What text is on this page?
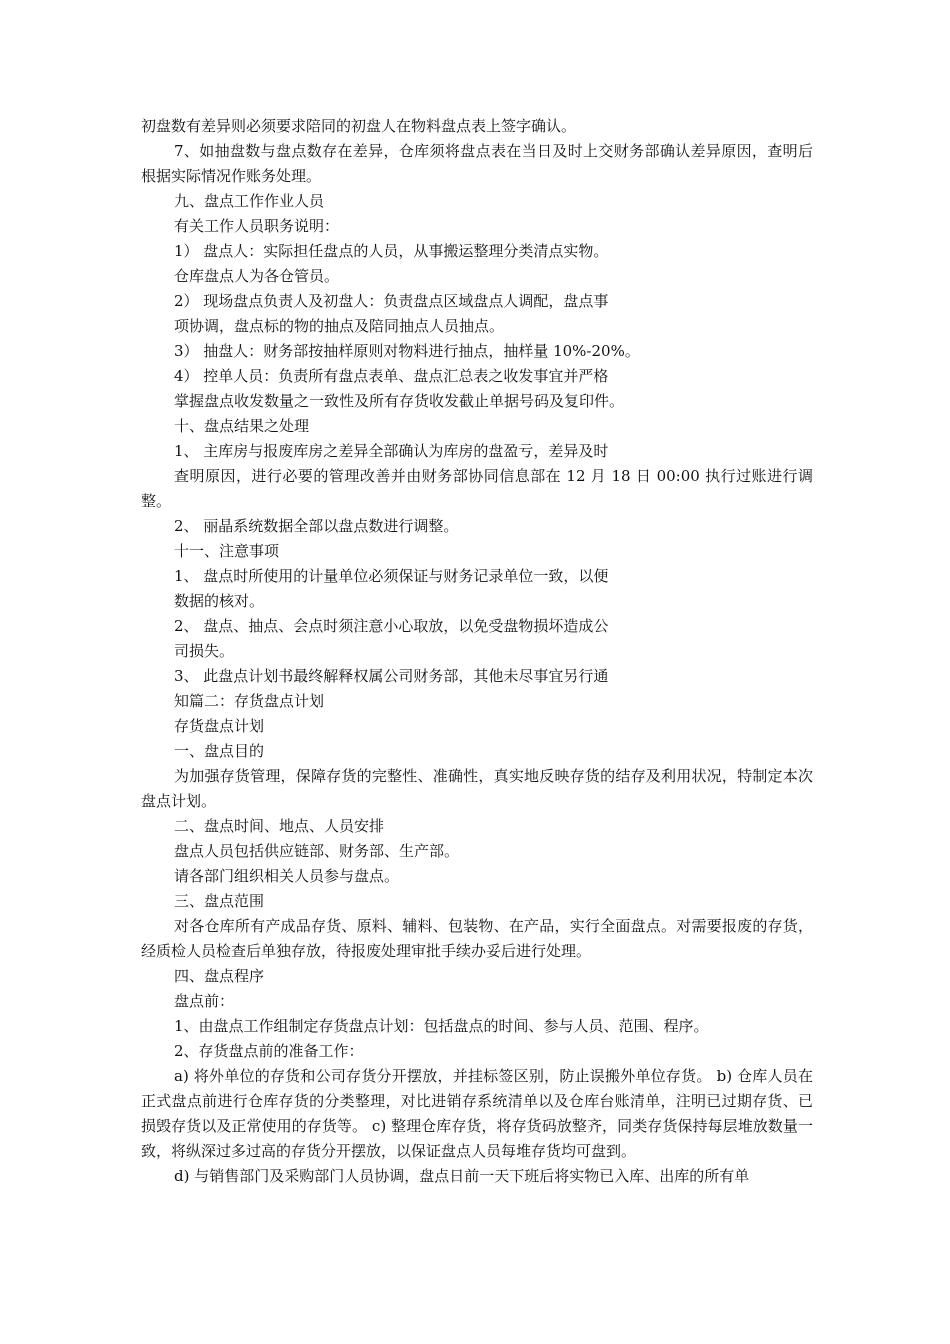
初盘数有差异则必须要求陪同的初盘人在物料盘点表上签字确认。

7、如抽盘数与盘点数存在差异，仓库须将盘点表在当日及时上交财务部确认差异原因，查明后根据实际情况作账务处理。

九、盘点工作作业人员

有关工作人员职务说明：

1） 盘点人：实际担任盘点的人员，从事搬运整理分类清点实物。

仓库盘点人为各仓管员。

2） 现场盘点负责人及初盘人：负责盘点区域盘点人调配，盘点事

项协调，盘点标的物的抽点及陪同抽点人员抽点。

3） 抽盘人：财务部按抽样原则对物料进行抽点，抽样量 10%-20%。

4） 控单人员：负责所有盘点表单、盘点汇总表之收发事宜并严格

掌握盘点收发数量之一致性及所有存货收发截止单据号码及复印件。

十、盘点结果之处理

1、 主库房与报废库房之差异全部确认为库房的盘盈亏，差异及时

查明原因，进行必要的管理改善并由财务部协同信息部在 12 月 18 日 00:00 执行过账进行调整。

2、 丽晶系统数据全部以盘点数进行调整。

十一、注意事项

1、 盘点时所使用的计量单位必须保证与财务记录单位一致，以便

数据的核对。

2、 盘点、抽点、会点时须注意小心取放，以免受盘物损坏造成公

司损失。

3、 此盘点计划书最终解释权属公司财务部，其他未尽事宜另行通

知篇二：存货盘点计划

存货盘点计划

一、盘点目的

为加强存货管理，保障存货的完整性、准确性，真实地反映存货的结存及利用状况，特制定本次盘点计划。

二、盘点时间、地点、人员安排

盘点人员包括供应链部、财务部、生产部。

请各部门组织相关人员参与盘点。

三、盘点范围

对各仓库所有产成品存货、原料、辅料、包装物、在产品，实行全面盘点。对需要报废的存货，经质检人员检查后单独存放，待报废处理审批手续办妥后进行处理。

四、盘点程序

盘点前：

1、由盘点工作组制定存货盘点计划：包括盘点的时间、参与人员、范围、程序。

2、存货盘点前的准备工作：

a) 将外单位的存货和公司存货分开摆放，并挂标签区别，防止误搬外单位存货。 b) 仓库人员在正式盘点前进行仓库存货的分类整理，对比进销存系统清单以及仓库台账清单，注明已过期存货、已损毁存货以及正常使用的存货等。 c) 整理仓库存货，将存货码放整齐，同类存货保持每层堆放数量一致，将纵深过多过高的存货分开摆放，以保证盘点人员每堆存货均可盘到。

d) 与销售部门及采购部门人员协调，盘点日前一天下班后将实物已入库、出库的所有单
